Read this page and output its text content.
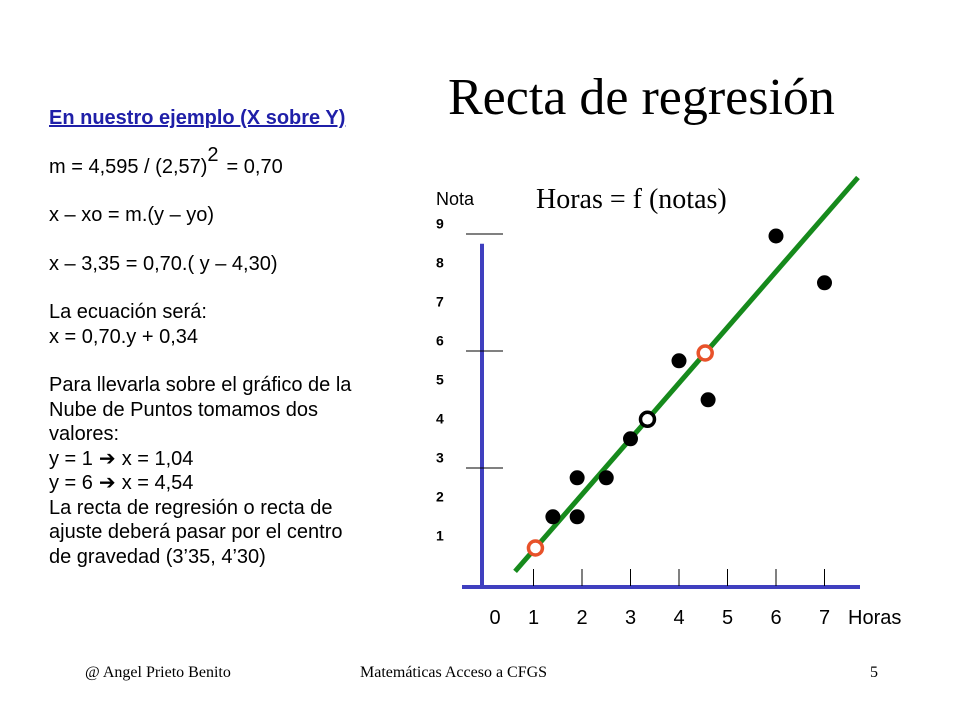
Recta de regresión
En nuestro ejemplo (X sobre Y)
m = 4,595 / (2,57)2= 0,70
x – xo = m.(y – yo)
x – 3,35 = 0,70.( y – 4,30)
La ecuación será:
x = 0,70.y + 0,34
Para llevarla sobre el gráfico de la
Nube de Puntos tomamos dos
valores:
y = 1 ➔ x = 1,04
y = 6 ➔ x = 4,54
La recta de regresión o recta de
ajuste deberá pasar por el centro
de gravedad (3’35, 4’30)
1
2
3
4
5
6
7
8
9
0 1 2 3 4 5 6 7
Nota
Horas
Horas = f (notas)
@ Angel Prieto Benito	Matemáticas Acceso a CFGS	5
